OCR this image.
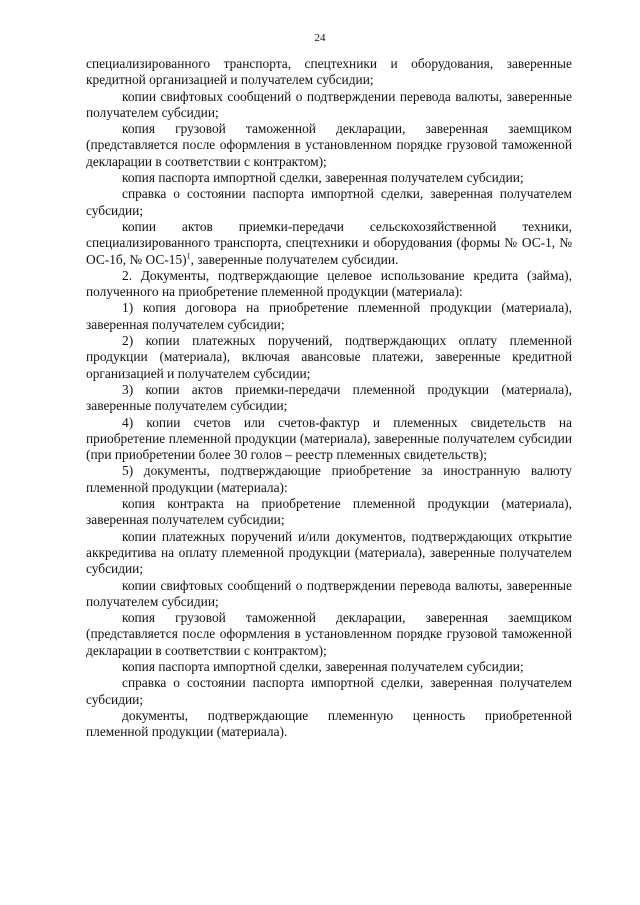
24

специализированного транспорта, спецтехники и оборудования, заверенные кредитной организацией и получателем субсидии;

копии свифтовых сообщений о подтверждении перевода валюты, заверенные получателем субсидии;

копия грузовой таможенной декларации, заверенная заемщиком (представляется после оформления в установленном порядке грузовой таможенной декларации в соответствии с контрактом);

копия паспорта импортной сделки, заверенная получателем субсидии;

справка о состоянии паспорта импортной сделки, заверенная получателем субсидии;

копии актов приемки-передачи сельскохозяйственной техники, специализированного транспорта, спецтехники и оборудования (формы № ОС-1, № ОС-1б, № ОС-15)$^1$, заверенные получателем субсидии.

2. Документы, подтверждающие целевое использование кредита (займа), полученного на приобретение племенной продукции (материала):

1) копия договора на приобретение племенной продукции (материала), заверенная получателем субсидии;

2) копии платежных поручений, подтверждающих оплату племенной продукции (материала), включая авансовые платежи, заверенные кредитной организацией и получателем субсидии;

3) копии актов приемки-передачи племенной продукции (материала), заверенные получателем субсидии;

4) копии счетов или счетов-фактур и племенных свидетельств на приобретение племенной продукции (материала), заверенные получателем субсидии (при приобретении более 30 голов – реестр племенных свидетельств);

5) документы, подтверждающие приобретение за иностранную валюту племенной продукции (материала):

копия контракта на приобретение племенной продукции (материала), заверенная получателем субсидии;

копии платежных поручений и/или документов, подтверждающих открытие аккредитива на оплату племенной продукции (материала), заверенные получателем субсидии;

копии свифтовых сообщений о подтверждении перевода валюты, заверенные получателем субсидии;

копия грузовой таможенной декларации, заверенная заемщиком (представляется после оформления в установленном порядке грузовой таможенной декларации в соответствии с контрактом);

копия паспорта импортной сделки, заверенная получателем субсидии;

справка о состоянии паспорта импортной сделки, заверенная получателем субсидии;

документы, подтверждающие племенную ценность приобретенной племенной продукции (материала).
